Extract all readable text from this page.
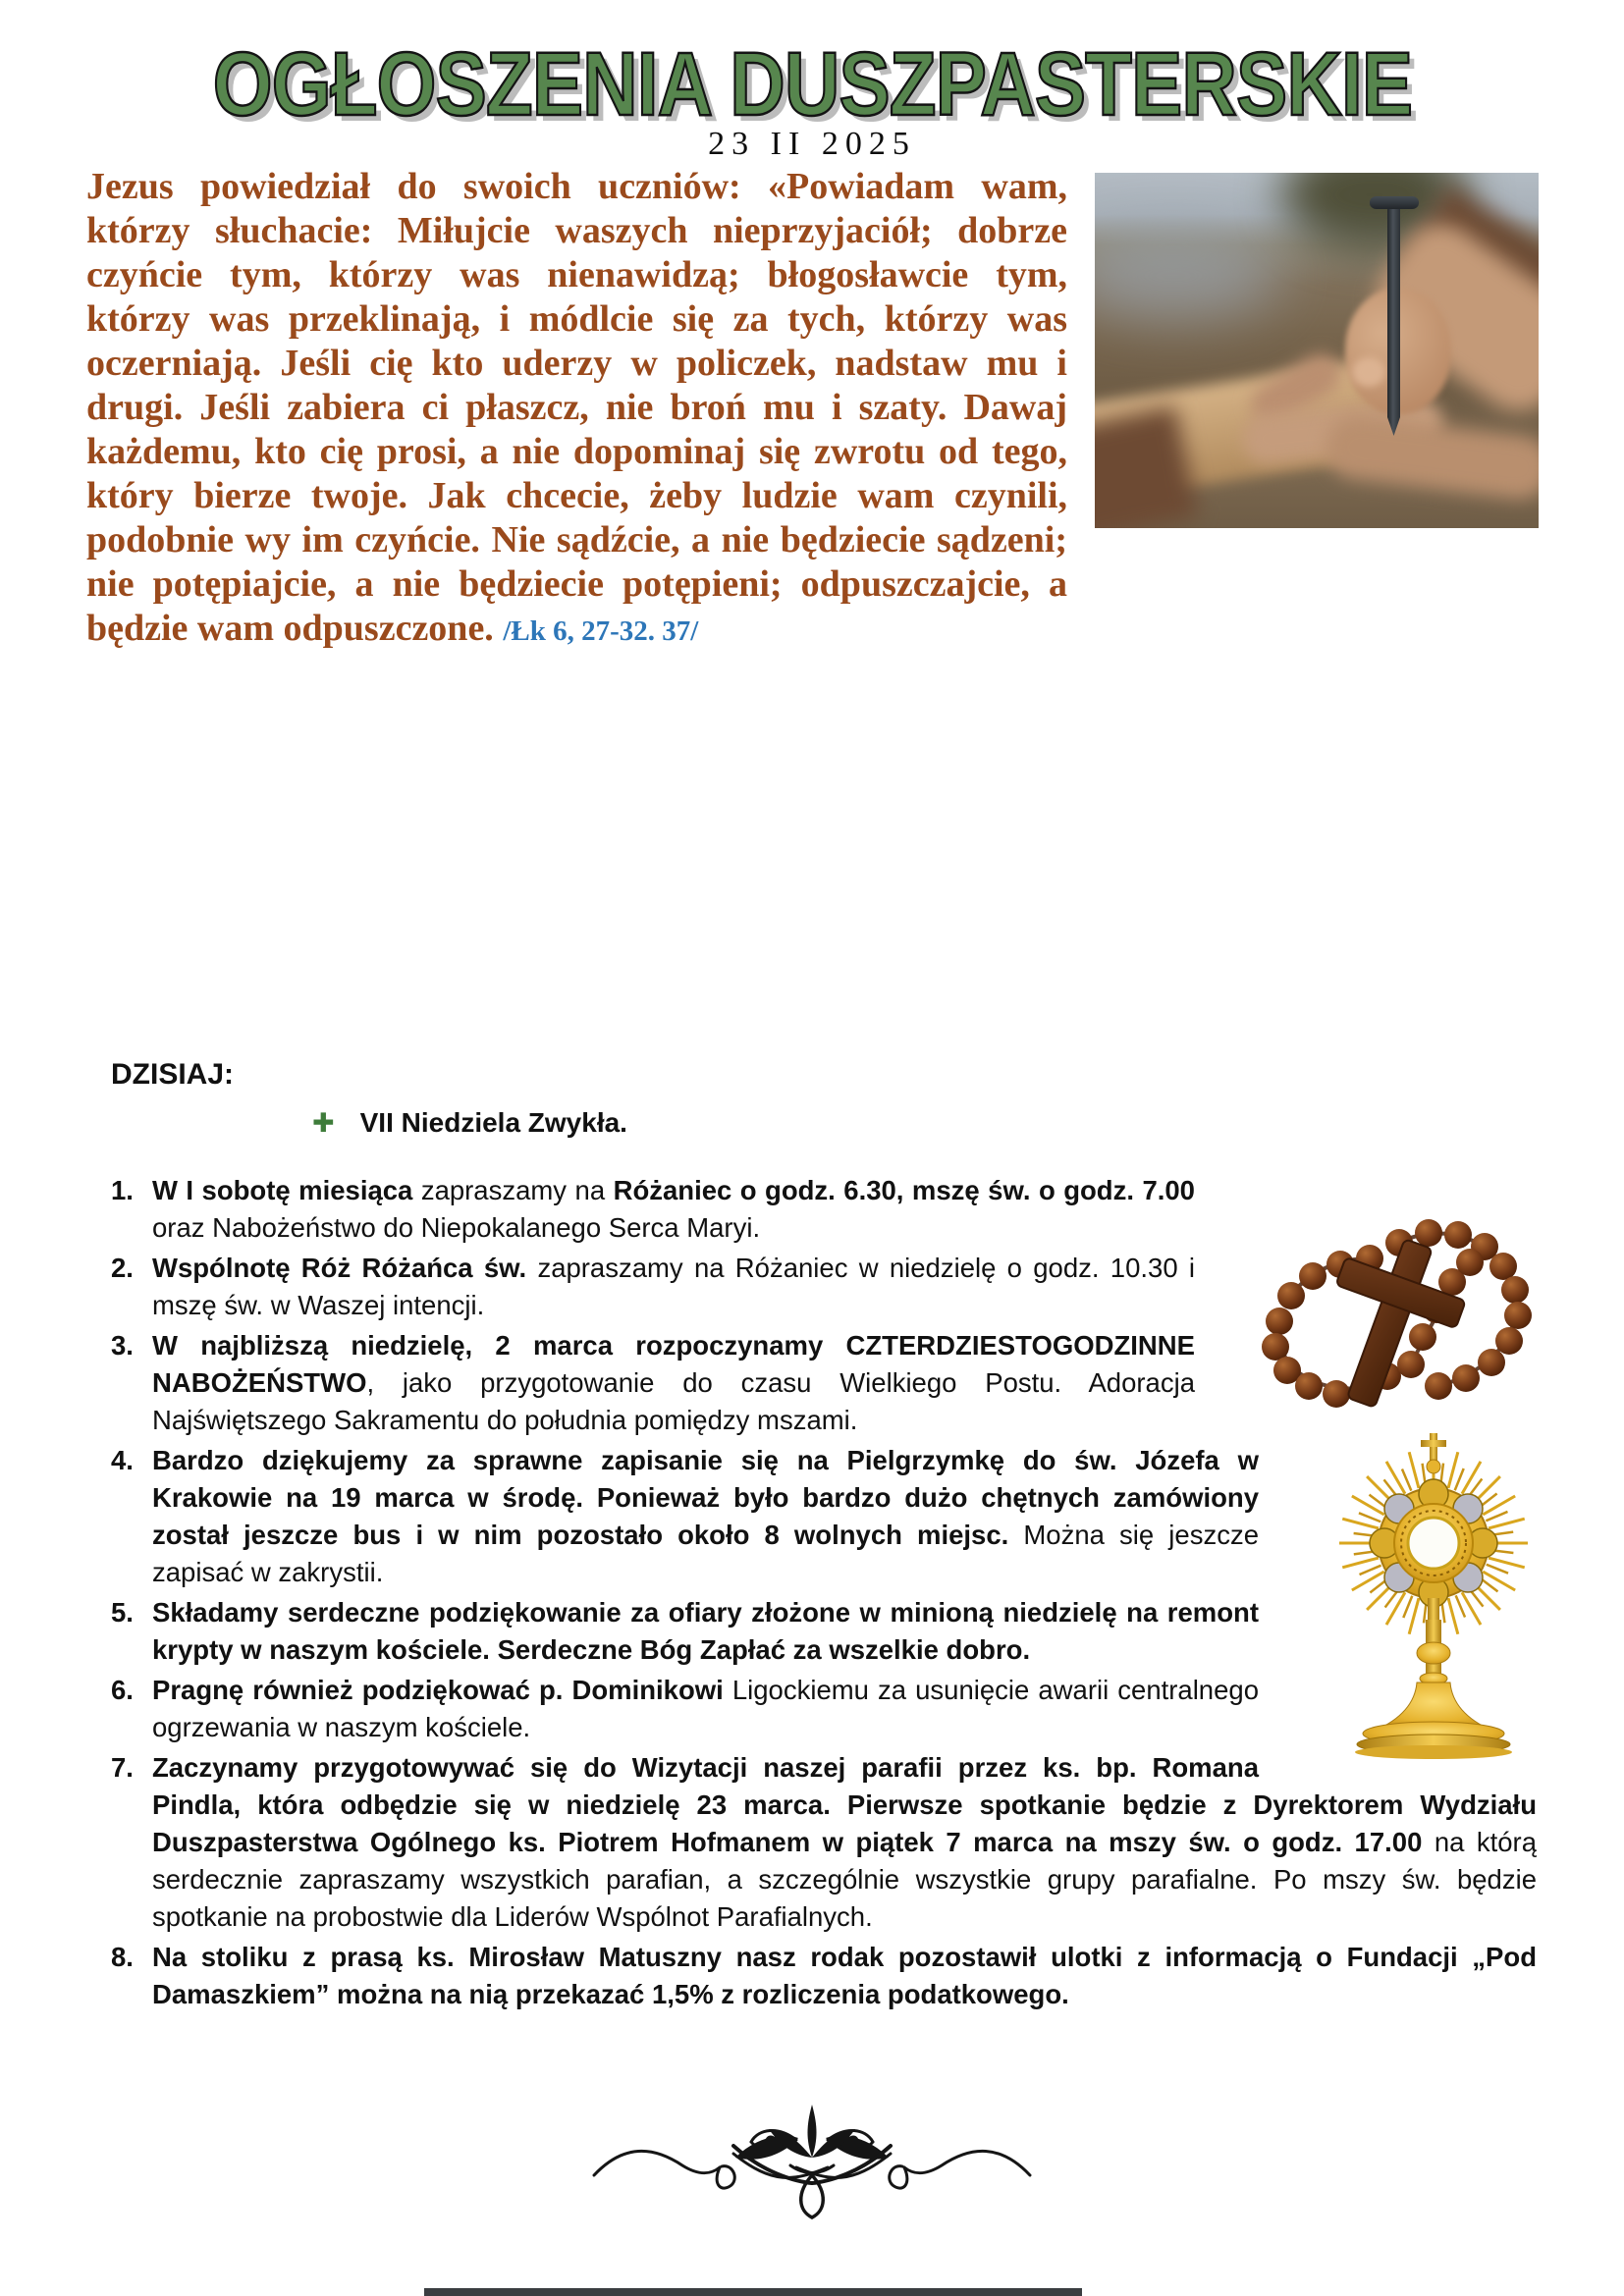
OGŁOSZENIA DUSZPASTERSKIE
23 II 2025
Jezus powiedział do swoich uczniów: «Powiadam wam, którzy słuchacie: Miłujcie waszych nieprzyjaciół; dobrze czyńcie tym, którzy was nienawidzą; błogosławcie tym, którzy was przeklinają, i módlcie się za tych, którzy was oczerniają. Jeśli cię kto uderzy w policzek, nadstaw mu i drugi. Jeśli zabiera ci płaszcz, nie broń mu i szaty. Dawaj każdemu, kto cię prosi, a nie dopominaj się zwrotu od tego, który bierze twoje. Jak chcecie, żeby ludzie wam czynili, podobnie wy im czyńcie. Nie sądźcie, a nie będziecie sądzeni; nie potępiajcie, a nie będziecie potępieni; odpuszczajcie, a będzie wam odpuszczone. /Łk 6, 27-32. 37/
DZISIAJ:
✚ VII Niedziela Zwykła.
1. W I sobotę miesiąca zapraszamy na Różaniec o godz. 6.30, mszę św. o godz. 7.00 oraz Nabożeństwo do Niepokalanego Serca Maryi.
2. Wspólnotę Róż Różańca św. zapraszamy na Różaniec w niedzielę o godz. 10.30 i mszę św. w Waszej intencji.
3. W najbliższą niedzielę, 2 marca rozpoczynamy CZTERDZIESTOGODZINNE NABOŻEŃSTWO, jako przygotowanie do czasu Wielkiego Postu. Adoracja Najświętszego Sakramentu do południa pomiędzy mszami.
4. Bardzo dziękujemy za sprawne zapisanie się na Pielgrzymkę do św. Józefa w Krakowie na 19 marca w środę. Ponieważ było bardzo dużo chętnych zamówiony został jeszcze bus i w nim pozostało około 8 wolnych miejsc. Można się jeszcze zapisać w zakrystii.
5. Składamy serdeczne podziękowanie za ofiary złożone w minioną niedzielę na remont krypty w naszym kościele. Serdeczne Bóg Zapłać za wszelkie dobro.
6. Pragnę również podziękować p. Dominikowi Ligockiemu za usunięcie awarii centralnego ogrzewania w naszym kościele.
7. Zaczynamy przygotowywać się do Wizytacji naszej parafii przez ks. bp. Romana Pindla, która odbędzie się w niedzielę 23 marca. Pierwsze spotkanie będzie z Dyrektorem Wydziału Duszpasterstwa Ogólnego ks. Piotrem Hofmanem w piątek 7 marca na mszy św. o godz. 17.00 na którą serdecznie zapraszamy wszystkich parafian, a szczególnie wszystkie grupy parafialne. Po mszy św. będzie spotkanie na probostwie dla Liderów Wspólnot Parafialnych.
8. Na stoliku z prasą ks. Mirosław Matuszny nasz rodak pozostawił ulotki z informacją o Fundacji „Pod Damaszkiem” można na nią przekazać 1,5% z rozliczenia podatkowego.
